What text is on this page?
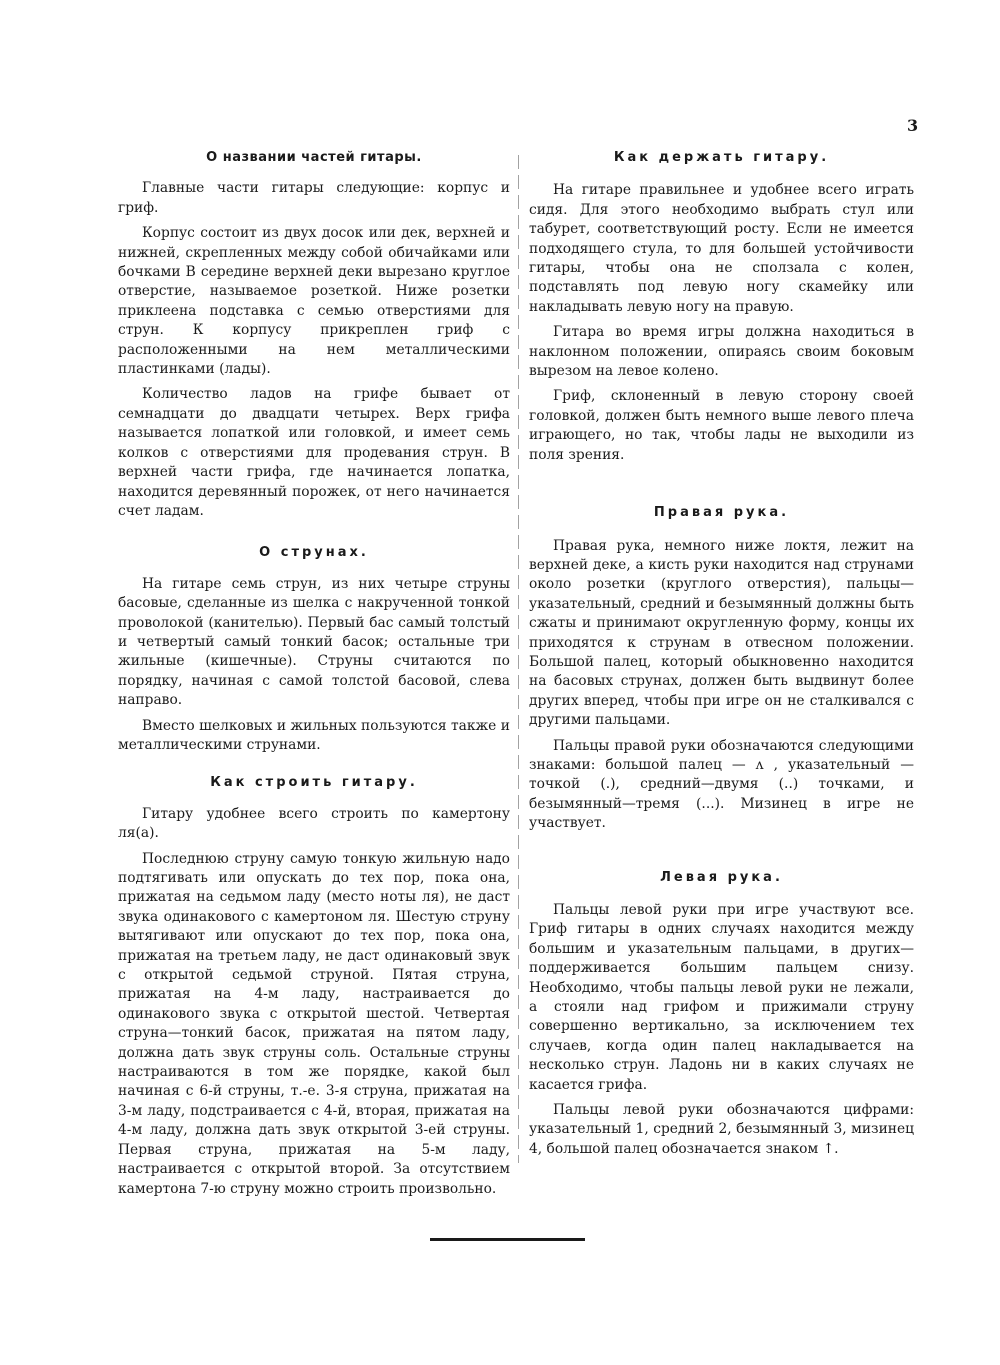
3
О названии частей гитары.

Главные части гитары следующие: корпус и гриф.

Корпус состоит из двух досок или дек, верхней и нижней, скрепленных между собой обичайками или бочками В середине верхней деки вырезано круглое отверстие, называемое розеткой. Ниже розетки приклеена подставка с семью отверстиями для струн. К корпусу прикреплен гриф с расположенными на нем металлическими пластинками (лады).

Количество ладов на грифе бывает от семнадцати до двадцати четырех. Верх грифа называется лопаткой или головкой, и имеет семь колков с отверстиями для продевания струн. В верхней части грифа, где начинается лопатка, находится деревянный порожек, от него начинается счет ладам.

О струнах.

На гитаре семь струн, из них четыре струны басовые, сделанные из шелка с накрученной тонкой проволокой (канителью). Первый бас самый толстый и четвертый самый тонкий басок; остальные три жильные (кишечные). Струны считаются по порядку, начиная с самой толстой басовой, слева направо.

Вместо шелковых и жильных пользуются также и металлическими струнами.

Как строить гитару.

Гитару удобнее всего строить по камертону ля(а).

Последнюю струну самую тонкую жильную надо подтягивать или опускать до тех пор, пока она, прижатая на седьмом ладу (место ноты ля), не даст звука одинакового с камертоном ля. Шестую струну вытягивают или опускают до тех пор, пока она, прижатая на третьем ладу, не даст одинаковый звук с открытой седьмой струной. Пятая струна, прижатая на 4-м ладу, настраивается до одинакового звука с открытой шестой. Четвертая струна—тонкий басок, прижатая на пятом ладу, должна дать звук струны соль. Остальные струны настраиваются в том же порядке, какой был начиная с 6-й струны, т.-е. 3-я струна, прижатая на 3-м ладу, подстраивается с 4-й, вторая, прижатая на 4-м ладу, должна дать звук открытой 3-ей струны. Первая струна, прижатая на 5-м ладу, настраивается с открытой второй. За отсутствием камертона 7-ю струну можно строить произвольно.

Как держать гитару.

На гитаре правильнее и удобнее всего играть сидя. Для этого необходимо выбрать стул или табурет, соответствующий росту. Если не имеется подходящего стула, то для большей устойчивости гитары, чтобы она не сползала с колен, подставлять под левую ногу скамейку или накладывать левую ногу на правую.

Гитара во время игры должна находиться в наклонном положении, опираясь своим боковым вырезом на левое колено.

Гриф, склоненный в левую сторону своей головкой, должен быть немного выше левого плеча играющего, но так, чтобы лады не выходили из поля зрения.

Правая рука.

Правая рука, немного ниже локтя, лежит на верхней деке, а кисть руки находится над струнами около розетки (круглого отверстия), пальцы—указательный, средний и безымянный должны быть сжаты и принимают округленную форму, концы их приходятся к струнам в отвесном положении. Большой палец, который обыкновенно находится на басовых струнах, должен быть выдвинут более других вперед, чтобы при игре он не сталкивался с другими пальцами.

Пальцы правой руки обозначаются следующими знаками: большой палец — ʌ , указательный — точкой (.), средний—двумя (..) точками, и безымянный—тремя (...). Мизинец в игре не участвует.

Левая рука.

Пальцы левой руки при игре участвуют все. Гриф гитары в одних случаях находится между большим и указательным пальцами, в других—поддерживается большим пальцем снизу. Необходимо, чтобы пальцы левой руки не лежали, а стояли над грифом и прижимали струну совершенно вертикально, за исключением тех случаев, когда один палец накладывается на несколько струн. Ладонь ни в каких случаях не касается грифа.

Пальцы левой руки обозначаются цифрами: указательный 1, средний 2, безымянный 3, мизинец 4, большой палец обозначается знаком ↑.
